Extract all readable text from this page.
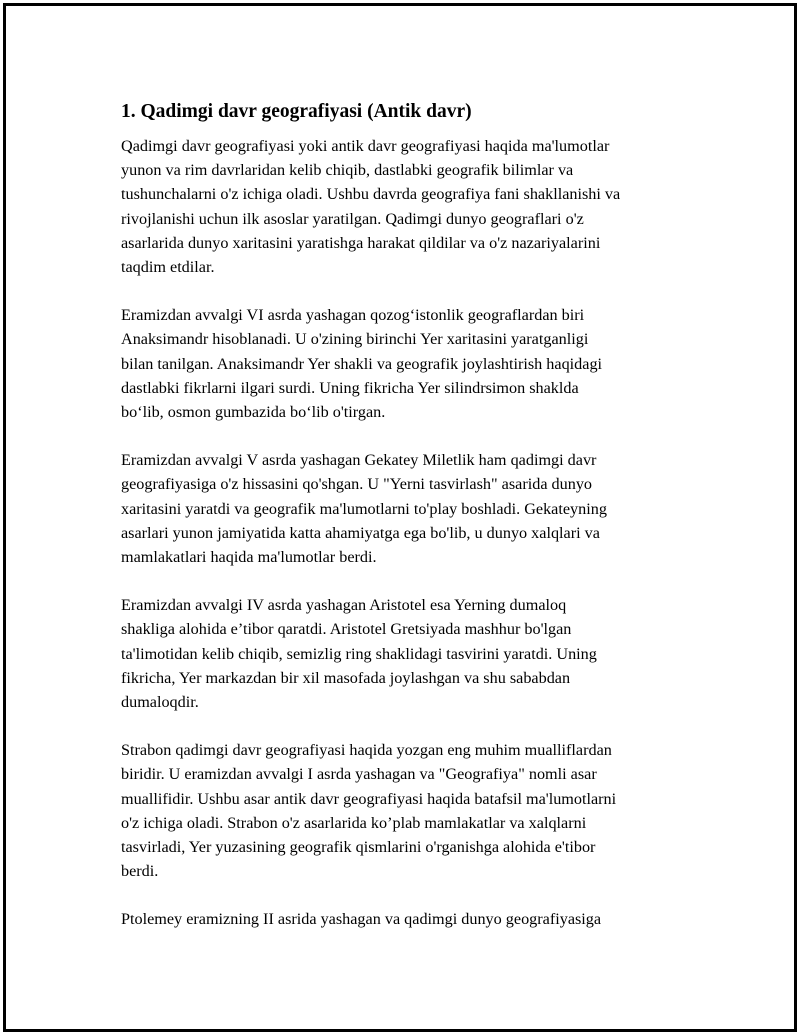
1. Qadimgi davr geografiyasi (Antik davr)

Qadimgi davr geografiyasi yoki antik davr geografiyasi haqida ma'lumotlar
yunon va rim davrlaridan kelib chiqib, dastlabki geografik bilimlar va
tushunchalarni o'z ichiga oladi. Ushbu davrda geografiya fani shakllanishi va
rivojlanishi uchun ilk asoslar yaratilgan. Qadimgi dunyo geograflari o'z
asarlarida dunyo xaritasini yaratishga harakat qildilar va o'z nazariyalarini
taqdim etdilar.

Eramizdan avvalgi VI asrda yashagan qozog‘istonlik geograflardan biri
Anaksimandr hisoblanadi. U o'zining birinchi Yer xaritasini yaratganligi
bilan tanilgan. Anaksimandr Yer shakli va geografik joylashtirish haqidagi
dastlabki fikrlarni ilgari surdi. Uning fikricha Yer silindrsimon shaklda
bo‘lib, osmon gumbazida bo‘lib o'tirgan.

Eramizdan avvalgi V asrda yashagan Gekatey Miletlik ham qadimgi davr
geografiyasiga o'z hissasini qo'shgan. U "Yerni tasvirlash" asarida dunyo
xaritasini yaratdi va geografik ma'lumotlarni to'play boshladi. Gekateyning
asarlari yunon jamiyatida katta ahamiyatga ega bo'lib, u dunyo xalqlari va
mamlakatlari haqida ma'lumotlar berdi.

Eramizdan avvalgi IV asrda yashagan Aristotel esa Yerning dumaloq
shakliga alohida e’tibor qaratdi. Aristotel Gretsiyada mashhur bo'lgan
ta'limotidan kelib chiqib, semizlig ring shaklidagi tasvirini yaratdi. Uning
fikricha, Yer markazdan bir xil masofada joylashgan va shu sababdan
dumaloqdir.

Strabon qadimgi davr geografiyasi haqida yozgan eng muhim mualliflardan
biridir. U eramizdan avvalgi I asrda yashagan va "Geografiya" nomli asar
muallifidir. Ushbu asar antik davr geografiyasi haqida batafsil ma'lumotlarni
o'z ichiga oladi. Strabon o'z asarlarida ko’plab mamlakatlar va xalqlarni
tasvirladi, Yer yuzasining geografik qismlarini o'rganishga alohida e'tibor
berdi.

Ptolemey eramizning II asrida yashagan va qadimgi dunyo geografiyasiga
